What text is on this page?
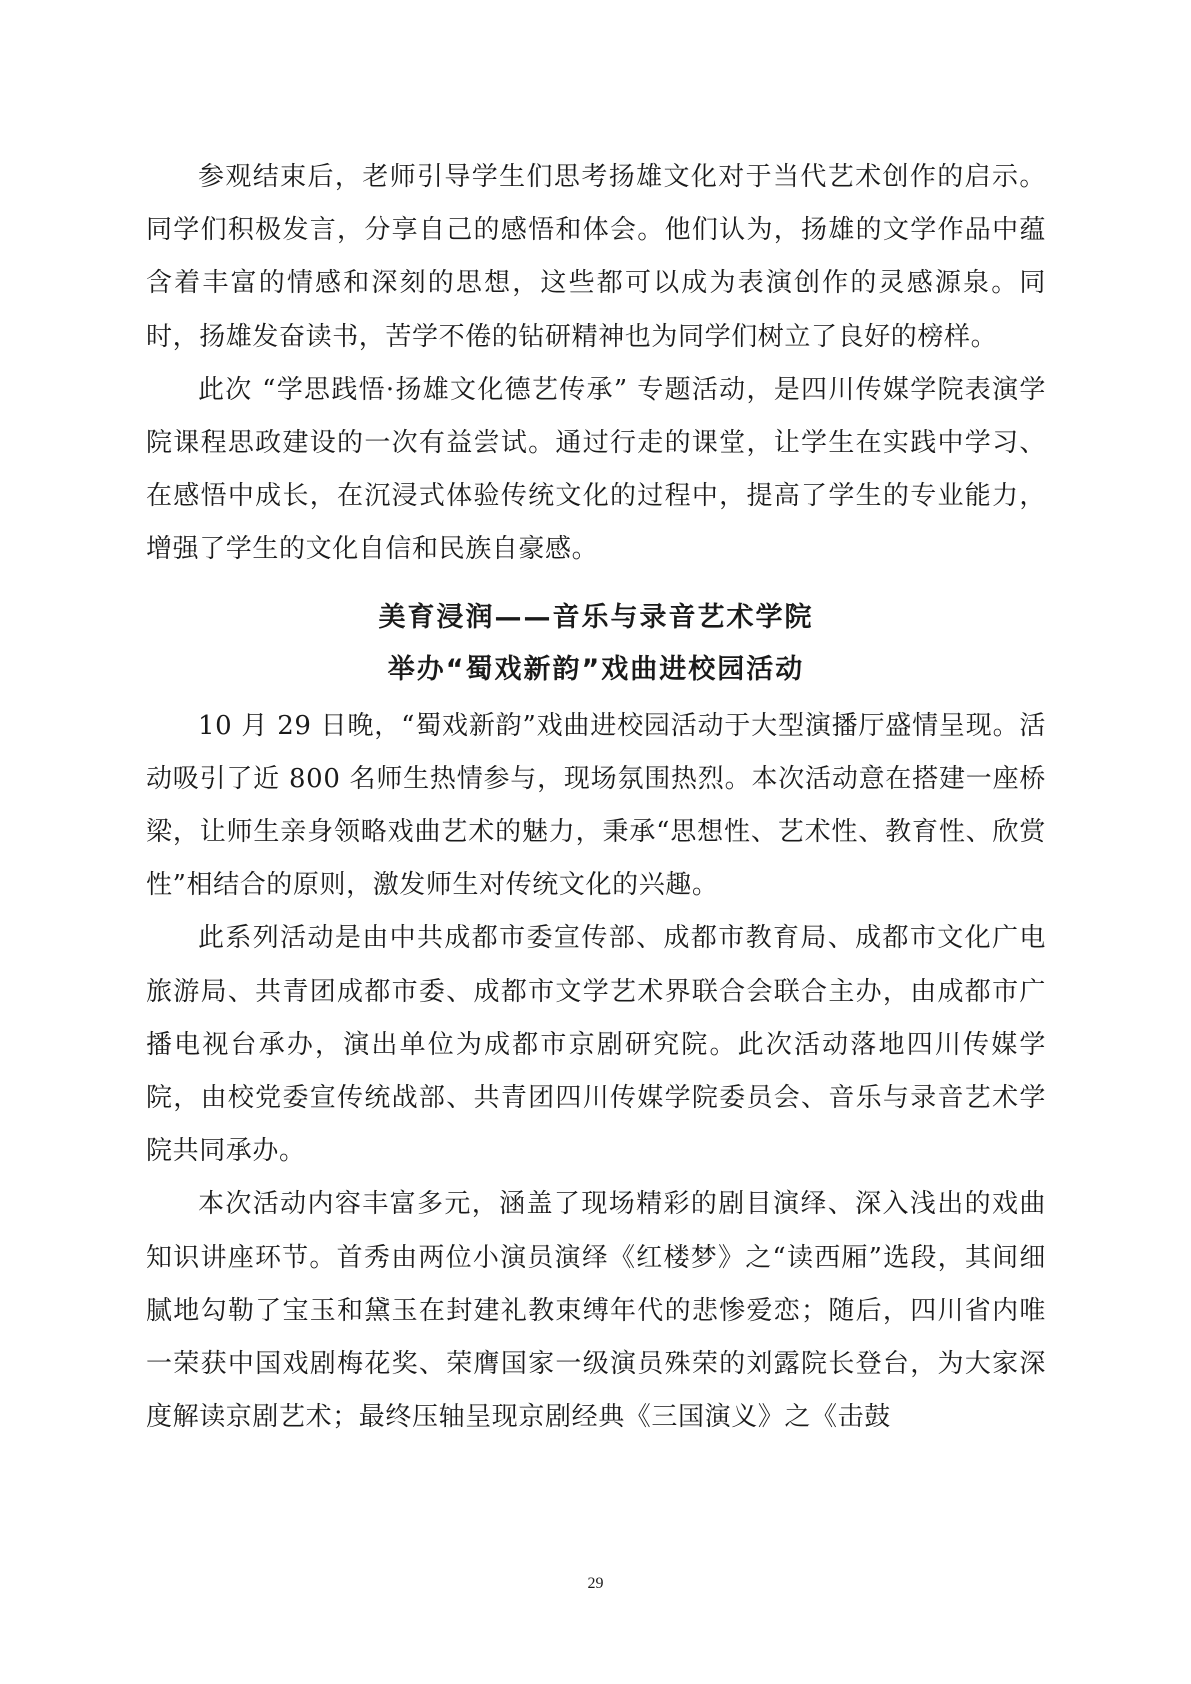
参观结束后，老师引导学生们思考扬雄文化对于当代艺术创作的启示。同学们积极发言，分享自己的感悟和体会。他们认为，扬雄的文学作品中蕴含着丰富的情感和深刻的思想，这些都可以成为表演创作的灵感源泉。同时，扬雄发奋读书，苦学不倦的钻研精神也为同学们树立了良好的榜样。

此次 “学思践悟·扬雄文化德艺传承” 专题活动，是四川传媒学院表演学院课程思政建设的一次有益尝试。通过行走的课堂，让学生在实践中学习、在感悟中成长，在沉浸式体验传统文化的过程中，提高了学生的专业能力，增强了学生的文化自信和民族自豪感。

美育浸润——音乐与录音艺术学院

举办“蜀戏新韵”戏曲进校园活动

10 月 29 日晚，“蜀戏新韵”戏曲进校园活动于大型演播厅盛情呈现。活动吸引了近 800 名师生热情参与，现场氛围热烈。本次活动意在搭建一座桥梁，让师生亲身领略戏曲艺术的魅力，秉承“思想性、艺术性、教育性、欣赏性”相结合的原则，激发师生对传统文化的兴趣。

此系列活动是由中共成都市委宣传部、成都市教育局、成都市文化广电旅游局、共青团成都市委、成都市文学艺术界联合会联合主办，由成都市广播电视台承办，演出单位为成都市京剧研究院。此次活动落地四川传媒学院，由校党委宣传统战部、共青团四川传媒学院委员会、音乐与录音艺术学院共同承办。

本次活动内容丰富多元，涵盖了现场精彩的剧目演绎、深入浅出的戏曲知识讲座环节。首秀由两位小演员演绎《红楼梦》之“读西厢”选段，其间细腻地勾勒了宝玉和黛玉在封建礼教束缚年代的悲惨爱恋；随后，四川省内唯一荣获中国戏剧梅花奖、荣膺国家一级演员殊荣的刘露院长登台，为大家深度解读京剧艺术；最终压轴呈现京剧经典《三国演义》之《击鼓

29
